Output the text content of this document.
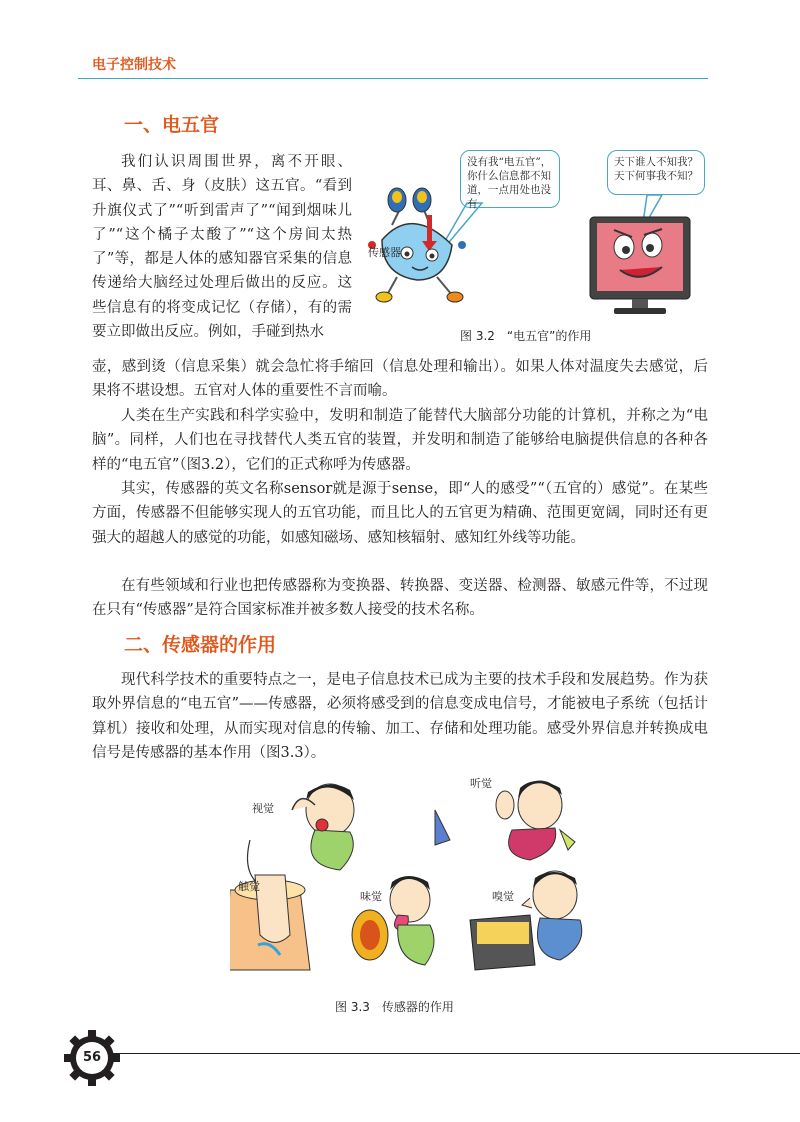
电子控制技术
一、电五官

我们认识周围世界，离不开眼、耳、鼻、舌、身（皮肤）这五官。“看到升旗仪式了”“听到雷声了”“闻到烟味儿了”“这个橘子太酸了”“这个房间太热了”等，都是人体的感知器官采集的信息传递给大脑经过处理后做出的反应。这些信息有的将变成记忆（存储），有的需要立即做出反应。例如，手碰到热水

没有我“电五官”，你什么信息都不知道，一点用处也没有
天下谁人不知我？天下何事我不知？
传感器
图 3.2 “电五官”的作用

壶，感到烫（信息采集）就会急忙将手缩回（信息处理和输出）。如果人体对温度失去感觉，后果将不堪设想。五官对人体的重要性不言而喻。

人类在生产实践和科学实验中，发明和制造了能替代大脑部分功能的计算机，并称之为“电脑”。同样，人们也在寻找替代人类五官的装置，并发明和制造了能够给电脑提供信息的各种各样的“电五官”（图3.2），它们的正式称呼为传感器。

其实，传感器的英文名称sensor就是源于sense，即“人的感受”“（五官的）感觉”。在某些方面，传感器不但能够实现人的五官功能，而且比人的五官更为精确、范围更宽阔，同时还有更强大的超越人的感觉的功能，如感知磁场、感知核辐射、感知红外线等功能。

在有些领域和行业也把传感器称为变换器、转换器、变送器、检测器、敏感元件等，不过现在只有“传感器”是符合国家标准并被多数人接受的技术名称。

二、传感器的作用

现代科学技术的重要特点之一，是电子信息技术已成为主要的技术手段和发展趋势。作为获取外界信息的“电五官”——传感器，必须将感受到的信息变成电信号，才能被电子系统（包括计算机）接收和处理，从而实现对信息的传输、加工、存储和处理功能。感受外界信息并转换成电信号是传感器的基本作用（图3.3）。

视觉
听觉
触觉
味觉	嗅觉
图 3.3 传感器的作用
56
